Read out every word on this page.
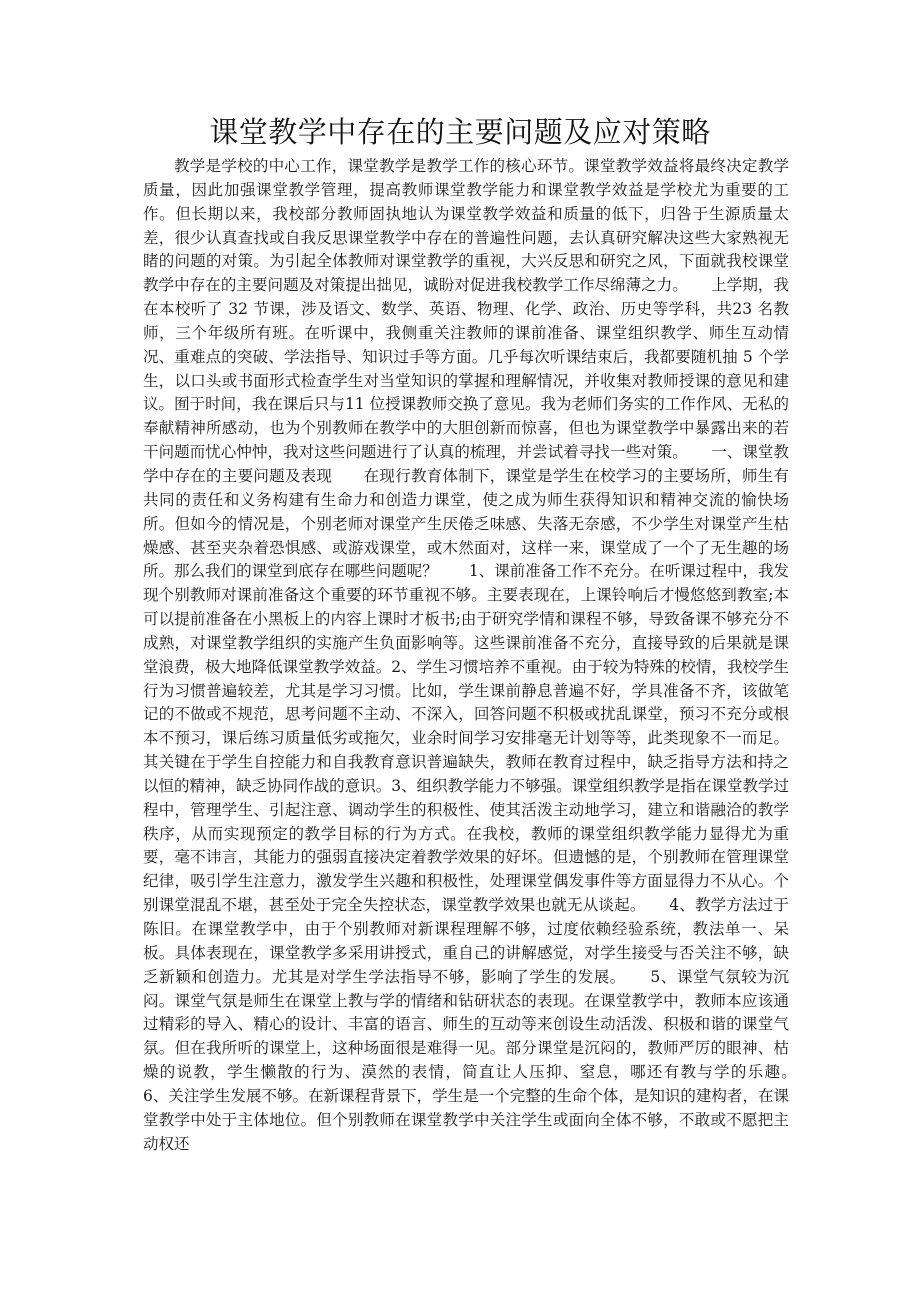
课堂教学中存在的主要问题及应对策略
教学是学校的中心工作，课堂教学是教学工作的核心环节。课堂教学效益将最终决定教学质量，因此加强课堂教学管理，提高教师课堂教学能力和课堂教学效益是学校尤为重要的工作。但长期以来，我校部分教师固执地认为课堂教学效益和质量的低下，归咎于生源质量太差，很少认真查找或自我反思课堂教学中存在的普遍性问题，去认真研究解决这些大家熟视无睹的问题的对策。为引起全体教师对课堂教学的重视，大兴反思和研究之风，下面就我校课堂教学中存在的主要问题及对策提出拙见，诚盼对促进我校教学工作尽绵薄之力。　　上学期，我在本校听了 32 节课，涉及语文、数学、英语、物理、化学、政治、历史等学科，共23 名教师，三个年级所有班。在听课中，我侧重关注教师的课前准备、课堂组织教学、师生互动情况、重难点的突破、学法指导、知识过手等方面。几乎每次听课结束后，我都要随机抽 5 个学生，以口头或书面形式检查学生对当堂知识的掌握和理解情况，并收集对教师授课的意见和建议。囿于时间，我在课后只与11 位授课教师交换了意见。我为老师们务实的工作作风、无私的奉献精神所感动，也为个别教师在教学中的大胆创新而惊喜，但也为课堂教学中暴露出来的若干问题而忧心忡忡，我对这些问题进行了认真的梳理，并尝试着寻找一些对策。　　一、课堂教学中存在的主要问题及表现　　在现行教育体制下，课堂是学生在校学习的主要场所，师生有共同的责任和义务构建有生命力和创造力课堂，使之成为师生获得知识和精神交流的愉快场所。但如今的情况是，个别老师对课堂产生厌倦乏味感、失落无奈感，不少学生对课堂产生枯燥感、甚至夹杂着恐惧感、或游戏课堂，或木然面对，这样一来，课堂成了一个了无生趣的场所。那么我们的课堂到底存在哪些问题呢？　　1、课前准备工作不充分。在听课过程中，我发现个别教师对课前准备这个重要的环节重视不够。主要表现在，上课铃响后才慢悠悠到教室;本可以提前准备在小黑板上的内容上课时才板书;由于研究学情和课程不够，导致备课不够充分不成熟，对课堂教学组织的实施产生负面影响等。这些课前准备不充分，直接导致的后果就是课堂浪费，极大地降低课堂教学效益。2、学生习惯培养不重视。由于较为特殊的校情，我校学生行为习惯普遍较差，尤其是学习习惯。比如，学生课前静息普遍不好，学具准备不齐，该做笔记的不做或不规范，思考问题不主动、不深入，回答问题不积极或扰乱课堂，预习不充分或根本不预习，课后练习质量低劣或拖欠，业余时间学习安排毫无计划等等，此类现象不一而足。其关键在于学生自控能力和自我教育意识普遍缺失，教师在教育过程中，缺乏指导方法和持之以恒的精神，缺乏协同作战的意识。3、组织教学能力不够强。课堂组织教学是指在课堂教学过程中，管理学生、引起注意、调动学生的积极性、使其活泼主动地学习，建立和谐融洽的教学秩序，从而实现预定的教学目标的行为方式。在我校，教师的课堂组织教学能力显得尤为重要，毫不讳言，其能力的强弱直接决定着教学效果的好坏。但遗憾的是，个别教师在管理课堂纪律，吸引学生注意力，激发学生兴趣和积极性，处理课堂偶发事件等方面显得力不从心。个别课堂混乱不堪，甚至处于完全失控状态，课堂教学效果也就无从谈起。　　4、教学方法过于陈旧。在课堂教学中，由于个别教师对新课程理解不够，过度依赖经验系统，教法单一、呆板。具体表现在，课堂教学多采用讲授式，重自己的讲解感觉，对学生接受与否关注不够，缺乏新颖和创造力。尤其是对学生学法指导不够，影响了学生的发展。　　5、课堂气氛较为沉闷。课堂气氛是师生在课堂上教与学的情绪和钻研状态的表现。在课堂教学中，教师本应该通过精彩的导入、精心的设计、丰富的语言、师生的互动等来创设生动活泼、积极和谐的课堂气氛。但在我所听的课堂上，这种场面很是难得一见。部分课堂是沉闷的，教师严厉的眼神、枯燥的说教，学生懒散的行为、漠然的表情，简直让人压抑、窒息，哪还有教与学的乐趣。　　6、关注学生发展不够。在新课程背景下，学生是一个完整的生命个体，是知识的建构者，在课堂教学中处于主体地位。但个别教师在课堂教学中关注学生或面向全体不够，不敢或不愿把主动权还
